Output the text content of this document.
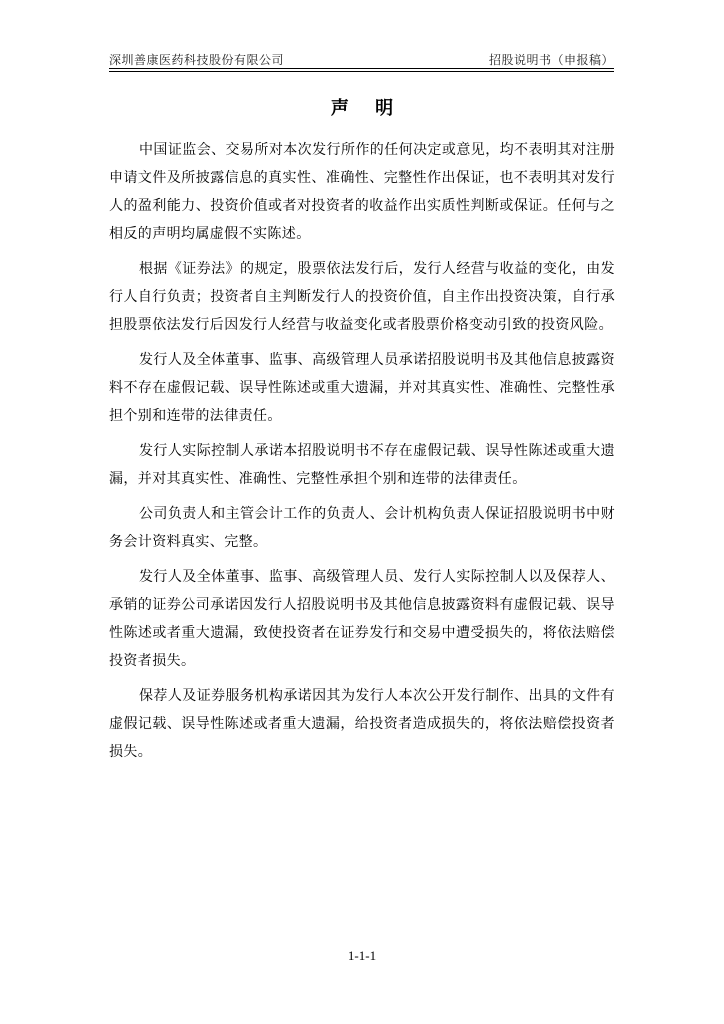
深圳善康医药科技股份有限公司	招股说明书（申报稿）
声 明

中国证监会、交易所对本次发行所作的任何决定或意见，均不表明其对注册申请文件及所披露信息的真实性、准确性、完整性作出保证，也不表明其对发行人的盈利能力、投资价值或者对投资者的收益作出实质性判断或保证。任何与之相反的声明均属虚假不实陈述。

根据《证券法》的规定，股票依法发行后，发行人经营与收益的变化，由发行人自行负责；投资者自主判断发行人的投资价值，自主作出投资决策，自行承担股票依法发行后因发行人经营与收益变化或者股票价格变动引致的投资风险。

发行人及全体董事、监事、高级管理人员承诺招股说明书及其他信息披露资料不存在虚假记载、误导性陈述或重大遗漏，并对其真实性、准确性、完整性承担个别和连带的法律责任。

发行人实际控制人承诺本招股说明书不存在虚假记载、误导性陈述或重大遗漏，并对其真实性、准确性、完整性承担个别和连带的法律责任。

公司负责人和主管会计工作的负责人、会计机构负责人保证招股说明书中财务会计资料真实、完整。

发行人及全体董事、监事、高级管理人员、发行人实际控制人以及保荐人、承销的证券公司承诺因发行人招股说明书及其他信息披露资料有虚假记载、误导性陈述或者重大遗漏，致使投资者在证券发行和交易中遭受损失的，将依法赔偿投资者损失。

保荐人及证券服务机构承诺因其为发行人本次公开发行制作、出具的文件有虚假记载、误导性陈述或者重大遗漏，给投资者造成损失的，将依法赔偿投资者损失。

1-1-1
